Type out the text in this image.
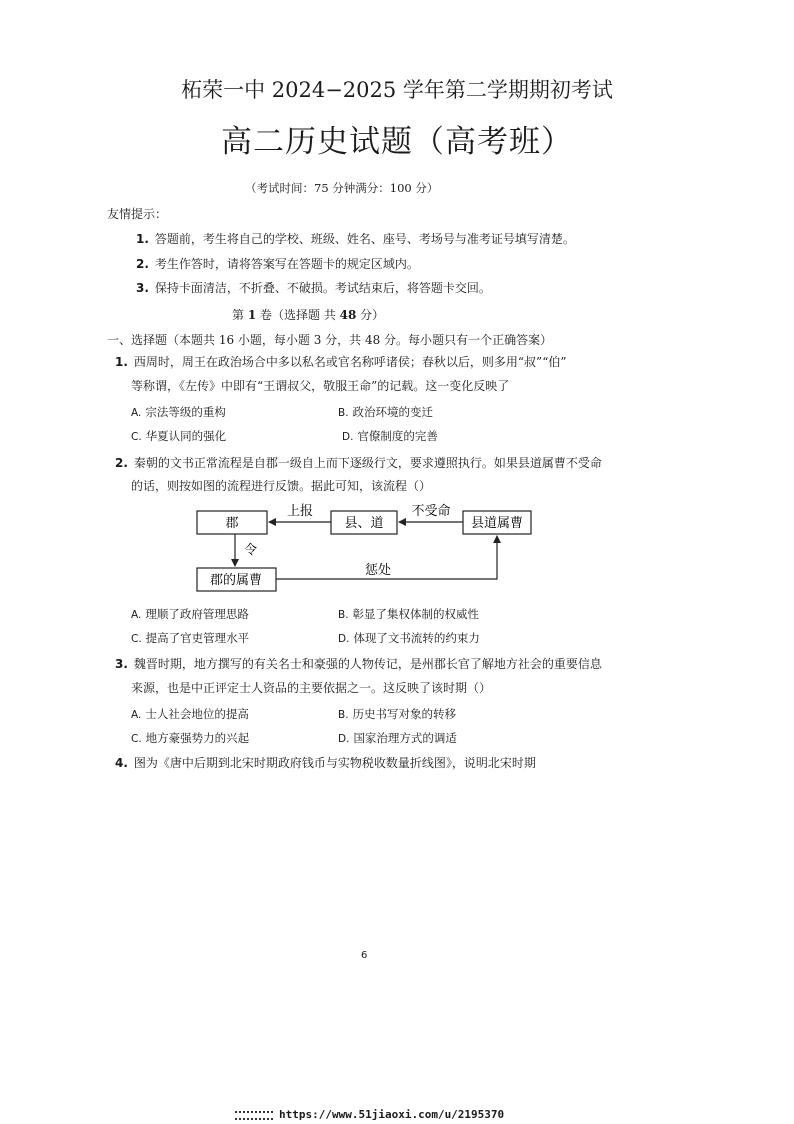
柘荣一中 2024−2025 学年第二学期期初考试
高二历史试题（高考班）
（考试时间：75 分钟满分：100 分）
友情提示：
1. 答题前，考生将自己的学校、班级、姓名、座号、考场号与准考证号填写清楚。
2. 考生作答时，请将答案写在答题卡的规定区域内。
3. 保持卡面清洁，不折叠、不破损。考试结束后，将答题卡交回。
第 1 卷（选择题 共 48 分）
一、选择题（本题共 16 小题，每小题 3 分，共 48 分。每小题只有一个正确答案）
1. 西周时，周王在政治场合中多以私名或官名称呼诸侯；春秋以后，则多用“叔”“伯”
等称谓，《左传》中即有“王谓叔父，敬服王命”的记载。这一变化反映了
A. 宗法等级的重构	B. 政治环境的变迁
C. 华夏认同的强化	D. 官僚制度的完善
2. 秦朝的文书正常流程是自郡一级自上而下逐级行文，要求遵照执行。如果县道属曹不受命
的话，则按如图的流程进行反馈。据此可知，该流程（）
郡	县、道	县道属曹
郡的属曹
上报	不受命
令
惩处
A. 理顺了政府管理思路	B. 彰显了集权体制的权威性
C. 提高了官吏管理水平	D. 体现了文书流转的约束力
3. 魏晋时期，地方撰写的有关名士和豪强的人物传记，是州郡长官了解地方社会的重要信息
来源，也是中正评定士人资品的主要依据之一。这反映了该时期（）
A. 士人社会地位的提高	B. 历史书写对象的转移
C. 地方豪强势力的兴起	D. 国家治理方式的调适
4. 图为《唐中后期到北宋时期政府钱币与实物税收数量折线图》，说明北宋时期
6
https://www.51jiaoxi.com/u/2195370
